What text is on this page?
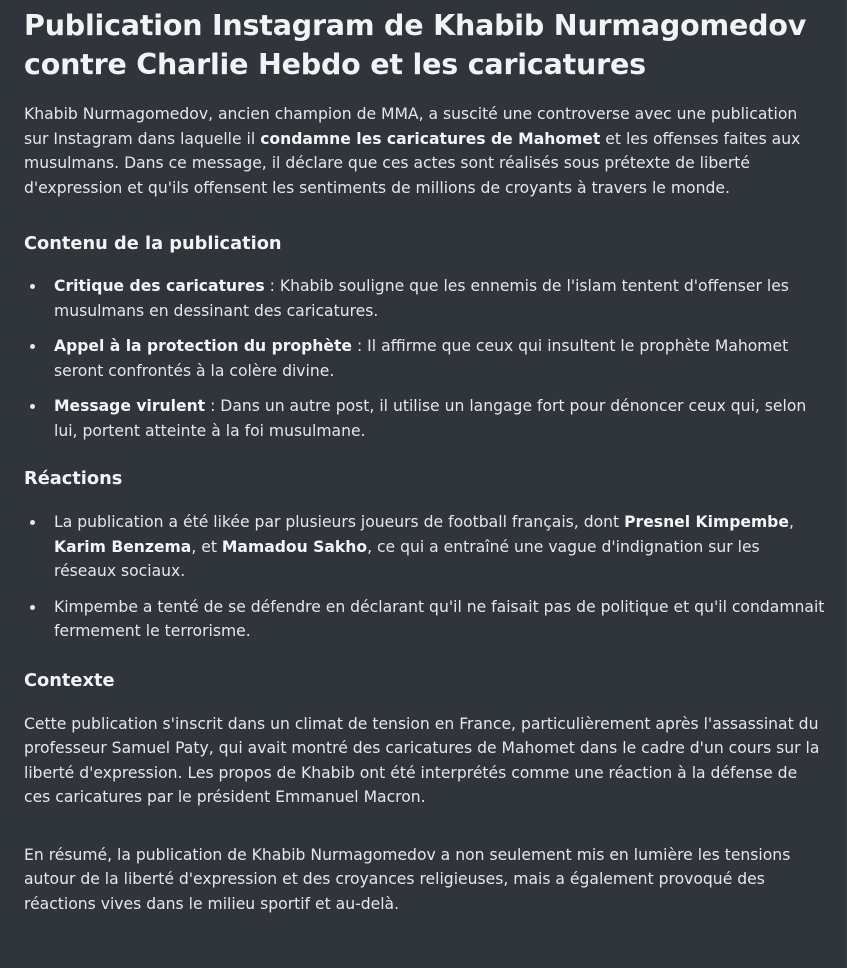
Publication Instagram de Khabib Nurmagomedov contre Charlie Hebdo et les caricatures

Khabib Nurmagomedov, ancien champion de MMA, a suscité une controverse avec une publication sur Instagram dans laquelle il condamne les caricatures de Mahomet et les offenses faites aux musulmans. Dans ce message, il déclare que ces actes sont réalisés sous prétexte de liberté d'expression et qu'ils offensent les sentiments de millions de croyants à travers le monde.

Contenu de la publication
Critique des caricatures : Khabib souligne que les ennemis de l'islam tentent d'offenser les musulmans en dessinant des caricatures.
Appel à la protection du prophète : Il affirme que ceux qui insultent le prophète Mahomet seront confrontés à la colère divine.
Message virulent : Dans un autre post, il utilise un langage fort pour dénoncer ceux qui, selon lui, portent atteinte à la foi musulmane.
Réactions
La publication a été likée par plusieurs joueurs de football français, dont Presnel Kimpembe, Karim Benzema, et Mamadou Sakho, ce qui a entraîné une vague d'indignation sur les réseaux sociaux.
Kimpembe a tenté de se défendre en déclarant qu'il ne faisait pas de politique et qu'il condamnait fermement le terrorisme.
Contexte

Cette publication s'inscrit dans un climat de tension en France, particulièrement après l'assassinat du professeur Samuel Paty, qui avait montré des caricatures de Mahomet dans le cadre d'un cours sur la liberté d'expression. Les propos de Khabib ont été interprétés comme une réaction à la défense de ces caricatures par le président Emmanuel Macron.

En résumé, la publication de Khabib Nurmagomedov a non seulement mis en lumière les tensions autour de la liberté d'expression et des croyances religieuses, mais a également provoqué des réactions vives dans le milieu sportif et au-delà.
